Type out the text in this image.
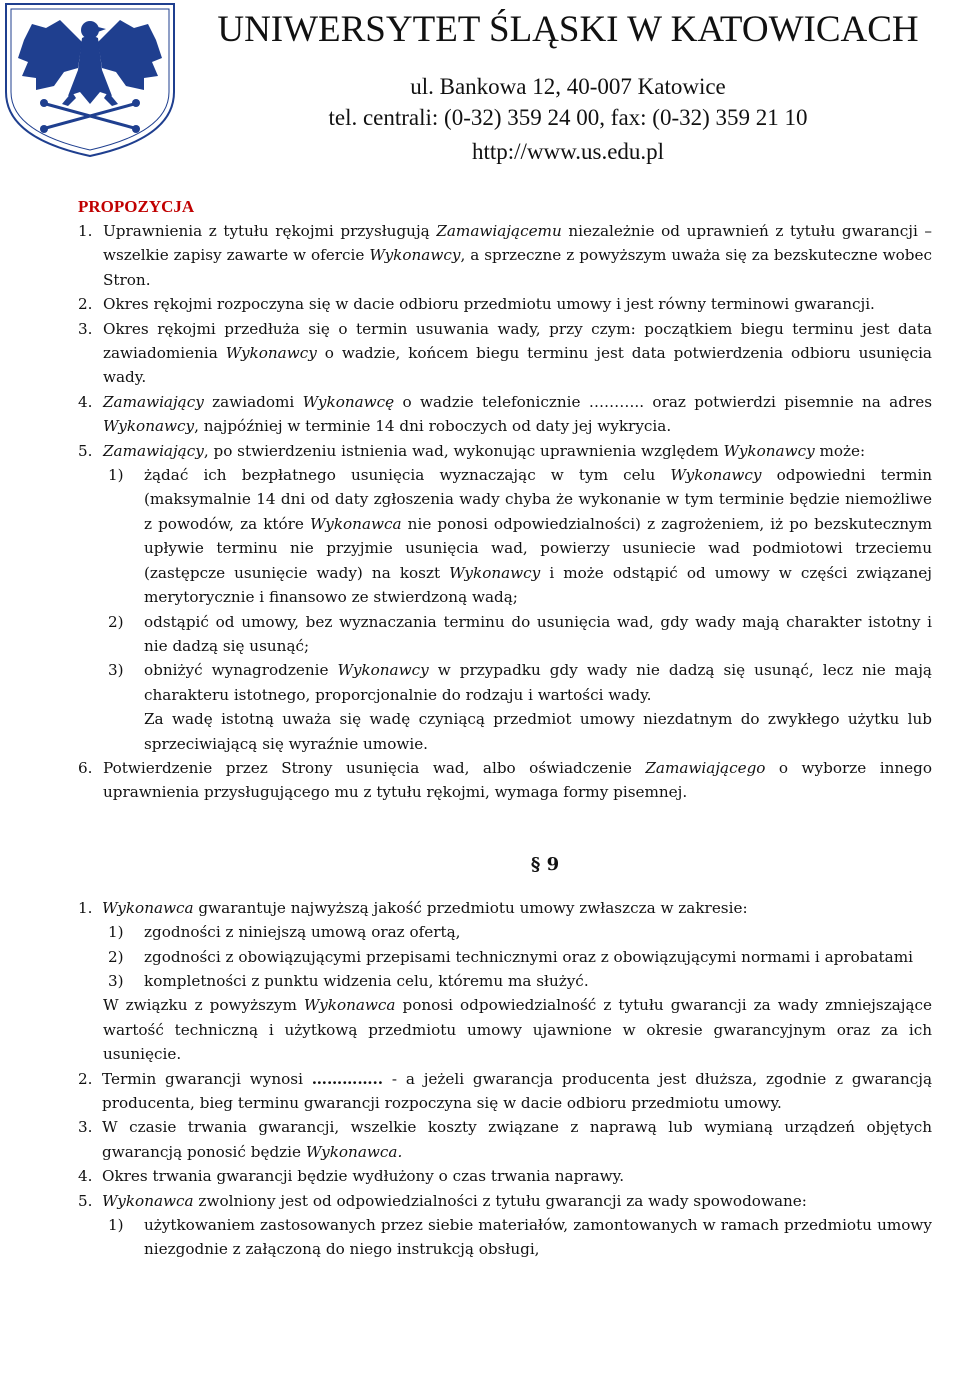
UNIWERSYTET ŚLĄSKI W KATOWICACH
ul. Bankowa 12, 40-007 Katowice
tel. centrali: (0-32) 359 24 00, fax: (0-32) 359 21 10
http://www.us.edu.pl
PROPOZYCJA
1. Uprawnienia z tytułu rękojmi przysługują Zamawiającemu niezależnie od uprawnień z tytułu gwarancji – wszelkie zapisy zawarte w ofercie Wykonawcy, a sprzeczne z powyższym uważa się za bezskuteczne wobec Stron.
2. Okres rękojmi rozpoczyna się w dacie odbioru przedmiotu umowy i jest równy terminowi gwarancji.
3. Okres rękojmi przedłuża się o termin usuwania wady, przy czym: początkiem biegu terminu jest data zawiadomienia Wykonawcy o wadzie, końcem biegu terminu jest data potwierdzenia odbioru usunięcia wady.
4. Zamawiający zawiadomi Wykonawcę o wadzie telefonicznie ……….. oraz potwierdzi pisemnie na adres Wykonawcy, najpóźniej w terminie 14 dni roboczych od daty jej wykrycia.
5. Zamawiający, po stwierdzeniu istnienia wad, wykonując uprawnienia względem Wykonawcy może:
1)	żądać ich bezpłatnego usunięcia wyznaczając w tym celu Wykonawcy odpowiedni termin (maksymalnie 14 dni od daty zgłoszenia wady chyba że wykonanie w tym terminie będzie niemożliwe z powodów, za które Wykonawca nie ponosi odpowiedzialności) z zagrożeniem, iż po bezskutecznym upływie terminu nie przyjmie usunięcia wad, powierzy usuniecie wad podmiotowi trzeciemu (zastępcze usunięcie wady) na koszt Wykonawcy i może odstąpić od umowy w części związanej merytorycznie i finansowo ze stwierdzoną wadą;
2)	odstąpić od umowy, bez wyznaczania terminu do usunięcia wad, gdy wady mają charakter istotny i nie dadzą się usunąć;
3)	obniżyć wynagrodzenie Wykonawcy w przypadku gdy wady nie dadzą się usunąć, lecz nie mają charakteru istotnego, proporcjonalnie do rodzaju i wartości wady.
Za wadę istotną uważa się wadę czyniącą przedmiot umowy niezdatnym do zwykłego użytku lub sprzeciwiającą się wyraźnie umowie.
6. Potwierdzenie przez Strony usunięcia wad, albo oświadczenie Zamawiającego o wyborze innego uprawnienia przysługującego mu z tytułu rękojmi, wymaga formy pisemnej.
§ 9
1. Wykonawca gwarantuje najwyższą jakość przedmiotu umowy zwłaszcza w zakresie:
1)	zgodności z niniejszą umową oraz ofertą,
2)	zgodności z obowiązującymi przepisami technicznymi oraz z obowiązującymi normami i aprobatami
3)	kompletności z punktu widzenia celu, któremu ma służyć.
W związku z powyższym Wykonawca ponosi odpowiedzialność z tytułu gwarancji za wady zmniejszające wartość techniczną i użytkową przedmiotu umowy ujawnione w okresie gwarancyjnym oraz za ich usunięcie.
2. Termin gwarancji wynosi ………….. - a jeżeli gwarancja producenta jest dłuższa, zgodnie z gwarancją producenta, bieg terminu gwarancji rozpoczyna się w dacie odbioru przedmiotu umowy.
3. W czasie trwania gwarancji, wszelkie koszty związane z naprawą lub wymianą urządzeń objętych gwarancją ponosić będzie Wykonawca.
4. Okres trwania gwarancji będzie wydłużony o czas trwania naprawy.
5. Wykonawca zwolniony jest od odpowiedzialności z tytułu gwarancji za wady spowodowane:
1)	użytkowaniem zastosowanych przez siebie materiałów, zamontowanych w ramach przedmiotu umowy niezgodnie z załączoną do niego instrukcją obsługi,
